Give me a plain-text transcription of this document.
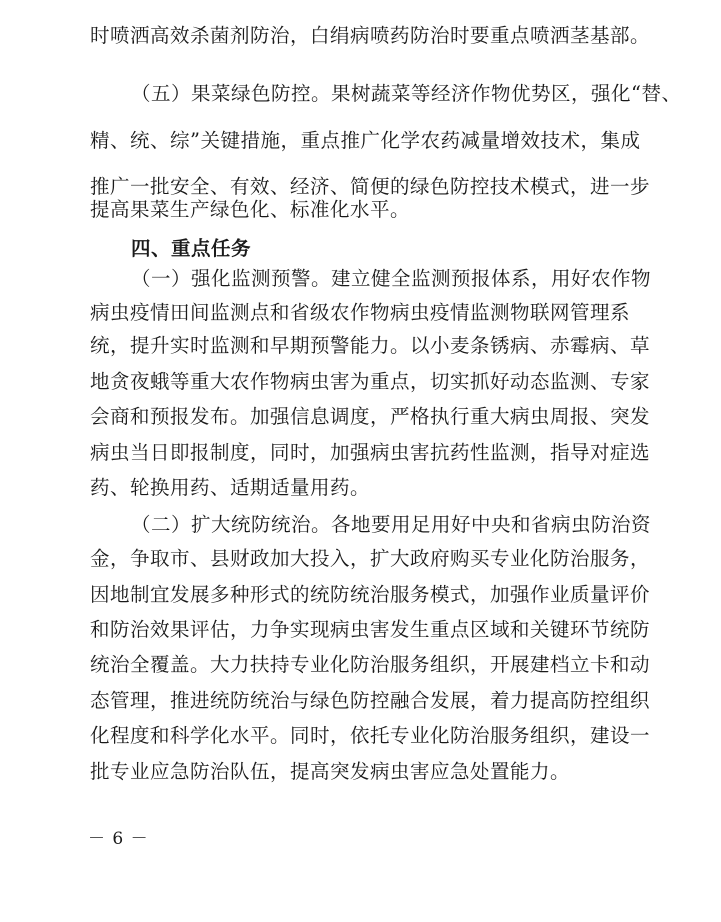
时喷洒高效杀菌剂防治，白绢病喷药防治时要重点喷洒茎基部。
（五）果菜绿色防控。果树蔬菜等经济作物优势区，强化“替、
精、统、综”关键措施，重点推广化学农药减量增效技术，集成
推广一批安全、有效、经济、简便的绿色防控技术模式，进一步
提高果菜生产绿色化、标准化水平。
四、重点任务
（一）强化监测预警。建立健全监测预报体系，用好农作物
病虫疫情田间监测点和省级农作物病虫疫情监测物联网管理系
统，提升实时监测和早期预警能力。以小麦条锈病、赤霉病、草
地贪夜蛾等重大农作物病虫害为重点，切实抓好动态监测、专家
会商和预报发布。加强信息调度，严格执行重大病虫周报、突发
病虫当日即报制度，同时，加强病虫害抗药性监测，指导对症选
药、轮换用药、适期适量用药。
（二）扩大统防统治。各地要用足用好中央和省病虫防治资
金，争取市、县财政加大投入，扩大政府购买专业化防治服务，
因地制宜发展多种形式的统防统治服务模式，加强作业质量评价
和防治效果评估，力争实现病虫害发生重点区域和关键环节统防
统治全覆盖。大力扶持专业化防治服务组织，开展建档立卡和动
态管理，推进统防统治与绿色防控融合发展，着力提高防控组织
化程度和科学化水平。同时，依托专业化防治服务组织，建设一
批专业应急防治队伍，提高突发病虫害应急处置能力。
－ 6 －
